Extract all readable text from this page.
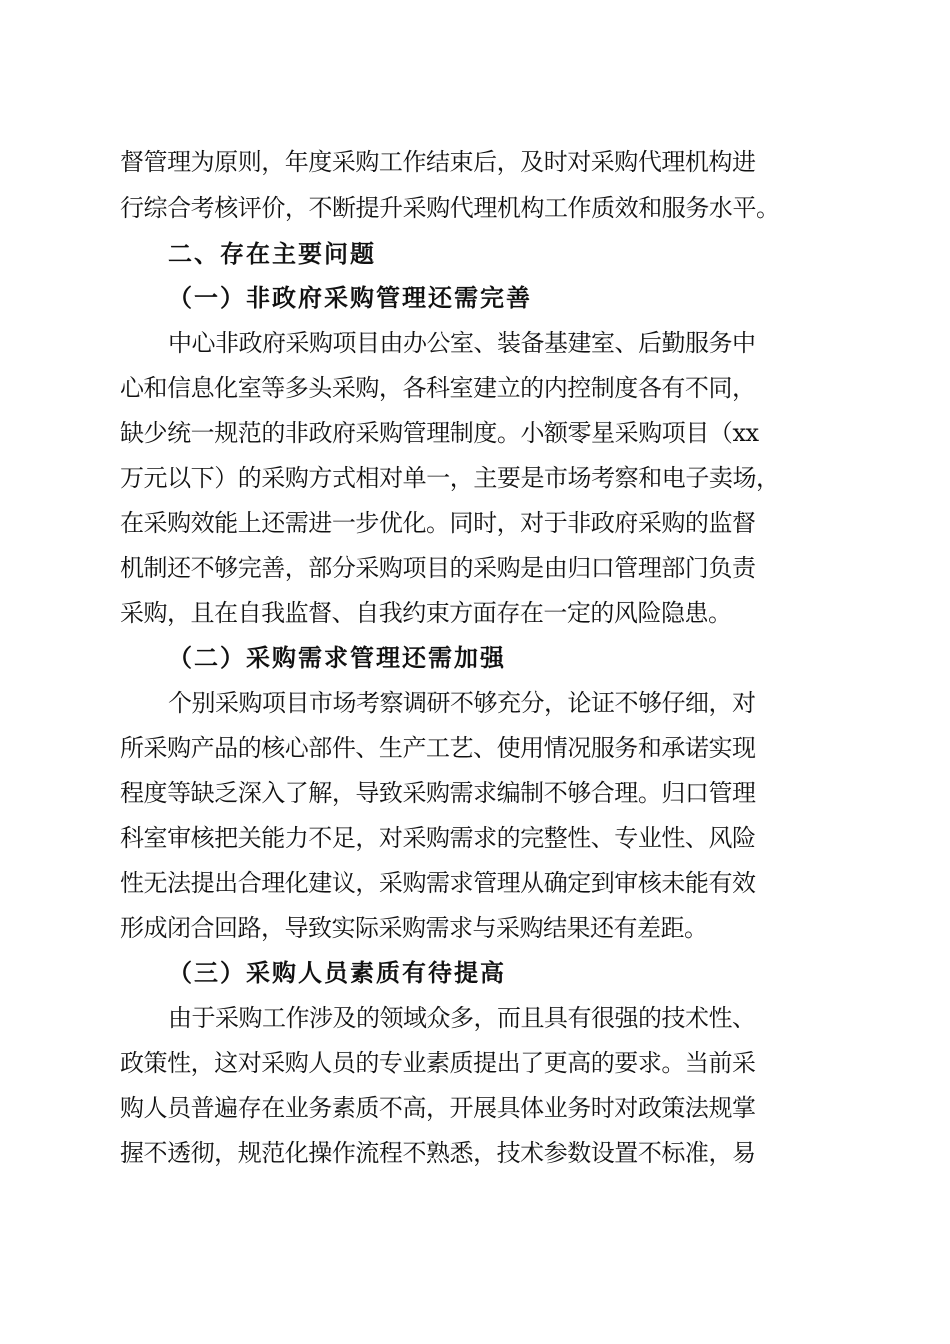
督管理为原则，年度采购工作结束后，及时对采购代理机构进
行综合考核评价，不断提升采购代理机构工作质效和服务水平。
二、存在主要问题
（一）非政府采购管理还需完善
中心非政府采购项目由办公室、装备基建室、后勤服务中
心和信息化室等多头采购，各科室建立的内控制度各有不同，
缺少统一规范的非政府采购管理制度。小额零星采购项目（xx
万元以下）的采购方式相对单一，主要是市场考察和电子卖场，
在采购效能上还需进一步优化。同时，对于非政府采购的监督
机制还不够完善，部分采购项目的采购是由归口管理部门负责
采购，且在自我监督、自我约束方面存在一定的风险隐患。
（二）采购需求管理还需加强
个别采购项目市场考察调研不够充分，论证不够仔细，对
所采购产品的核心部件、生产工艺、使用情况服务和承诺实现
程度等缺乏深入了解，导致采购需求编制不够合理。归口管理
科室审核把关能力不足，对采购需求的完整性、专业性、风险
性无法提出合理化建议，采购需求管理从确定到审核未能有效
形成闭合回路，导致实际采购需求与采购结果还有差距。
（三）采购人员素质有待提高
由于采购工作涉及的领域众多，而且具有很强的技术性、
政策性，这对采购人员的专业素质提出了更高的要求。当前采
购人员普遍存在业务素质不高，开展具体业务时对政策法规掌
握不透彻，规范化操作流程不熟悉，技术参数设置不标准，易
